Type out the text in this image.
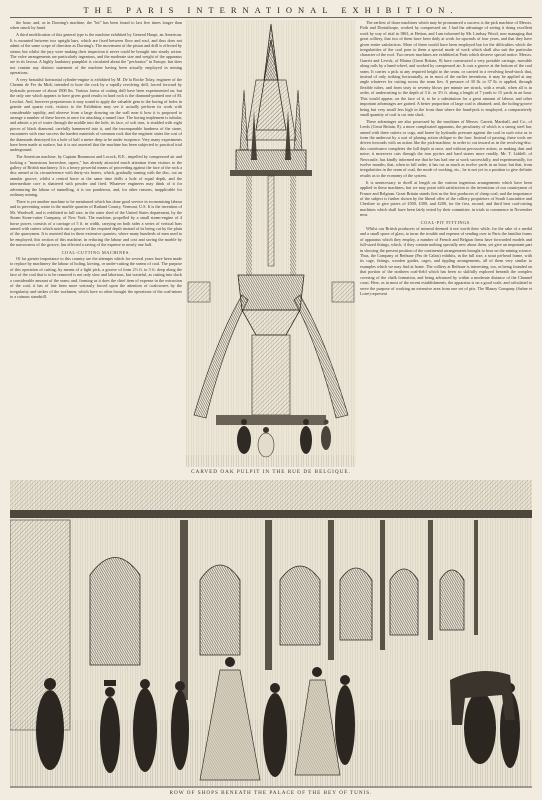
THE PARIS INTERNATIONAL EXHIBITION.

the hour; and, as in Dorning's machine, the "bit" has been found to last five times longer than when struck by hand.

A third modification of this general type is the machine exhibited by General Haupt, an American. It is mounted between two upright bars, which are fixed between floor and roof, and thus does not admit of the same scope of direction as Dorning's. The movement of the piston and drill is effected by steam; but whilst the jury were making their inspection it never could be brought into steady action. The valve arrangements are particularly ingenious, and the moderate size and weight of the apparatus are in its favour. A highly laudatory pamphlet is circulated about the "perforator" in Europe, but does not contain any distinct statement of the machine having been actually employed in mining operations.

A very beautiful horizontal cylinder-engine is exhibited by M. De la Roche Tolay, engineer of the Chemin de Fer du Midi, intended to bore the rock by a rapidly revolving drill, forced forward by hydraulic pressure of about 1800 lbs. Various forms of cutting drill have been experimented on, but the only one which appears to have given good results in hard rock is the diamond-pointed one of M. Leschot. And, however preposterous it may sound to apply the valuable gem to the boring of holes in granite and quartz rock, visitors to the Exhibition may see it actually perform its work with considerable rapidity, and observe from a large drawing on the wall near it how it is proposed to arrange a number of these borers at once for attacking a tunnel face. The boring implement is tubular, and admits a jet of water through the middle into the hole; its face, of soft iron, is studded with eight pieces of black diamond, carefully hammered into it, and the incomparable hardness of the stone, encounters with ease success the hardest materials of common rock that the engineer states the cost of the diamonds destroyed for a hole of half a metre deep to be under twopence. Very many experiments have been made at surface, but it is not asserted that the machine has been subjected to practical trial underground.

The American machine, by Captain Beaumont and Locock, R.E., impelled by compressed air and looking a "monstrous horseshoe, tapers," has already attracted much attention from visitors to the gallery of British machinery. It is a heavy powerful means of proceeding against the face of the rock a disc armed at its circumference with thirty-six borers, which, gradually turning with the disc, cut an annular groove, whilst a central borer at the same time drills a hole of equal depth, and the intermediate core is shattered with powder and fired. Whatever engineers may think of it for adventuring the labour of tunnelling, it is too ponderous, and, for other reasons, inapplicable for ordinary mining.

There is yet another machine to be mentioned which has done good service in economising labour and in preventing waste in the marble quarries of Rutland County, Vermont, U.S. It is the invention of Mr. Wardwell, and is exhibited in full size, in the outer shed of the United States department, by the Steam Stone-cutter Company, of New York. The machine, propelled by a small steam-engine of 4 horse power, consists of a carriage of 5 ft. in width, carrying on both sides a series of vertical bars armed with cutters which notch out a groove of the required depth instead of its being cut by the plain of the quarrymen. It is asserted that in these extensive quarries, where many hundreds of men used to be employed, this section of this machine, in reducing the labour and cost and saving the marble by the narrowness of the groove, has effected a saving of the expense to nearly one half.

COAL-CUTTING MACHINES.

Of far greater importance to this country are the attempts which for several years have been made to replace by machinery the labour of holing, kirving, or under-cutting the seams of coal. The purpose of this operation of cutting, by means of a light pick, a groove of from 2½ ft. to 3 ft. deep along the face of the coal that is to be removed is not only slow and laborious, but wasteful, as cutting into slack a considerable amount of the seam; and, forming as it does the chief item of expense in the extraction of the coal, it has of late been more seriously forced upon the attention of coalowners by the irregularity and strikes of the workmen, which have so often brought the operations of the coal-mines to a ruinous standstill.

CARVED OAK PULPIT IN THE RUE DE BELGIQUE.

The earliest of those machines which may be pronounced a success is the pick machine of Messrs. Firth and Donisthorpe, worked by compressed air. I had the advantage of seeing it doing excellent work by way of trial in 1863, at Hetton; and I am informed by Mr. Lindsay Wood, now managing that great colliery, that two of them have been daily at work for upwards of four years, and that they have given entire satisfaction. More of them would have been employed but for the difficulties which the irregularities of the coal pose to them a special mode of work which shall also suit the particular character of the roof. Two newer machines are exhibited at Paris which deserve special notice. Messrs. Garrett and Levick, of Blaina (Great Britain, 8) have constructed a very portable carriage, movable along rails by a hand-wheel, and worked by compressed air. It cuts a groove at the bottom of the coal seam. It carries a pick at any required height in the seam, or carried in a revolving head-stock that, instead of only striking horizontally, as in most of the earlier inventions, it may be applied at any angle whatever for cutting across the seam lies. A pressure of 30 lb. to 37 lb. is applied, through flexible tubes, and from sixty to seventy blows per minute are struck, with a result, when all is in order, of undercutting to the depth of 3 ft. or 3½ ft. along a length of 7 yards to 15 yards in an hour. This would appear, on the face of it, to be a substitution for a great amount of labour, and other important advantages are gained. A better proportion of large coal is obtained; and, the holing-groove being but very small less high in the front than where the hand-pick is employed, a comparatively small quantity of coal is cut into slack.

These advantages are also possessed by the machines of Messrs. Carrett, Marshall, and Co., of Leeds (Great Britain, 8), a more complicated apparatus, the peculiarity of which is a strong steel bar, armed with three cutters or cogs, and borne by hydraulic pressure against the coal in such wise as to form the undercut by a sort of planing action oblique to the face. Instead of passing, these tools are driven forwards with an action like the pick-machine, in order to cut inward as in the revolving-disc. this contrivance completes the full depth at once, and without percussive action, or making dust and noise; it moreover cuts through the iron pyrites and hard stones more readily. Mr. T. Liddell, of Newcastle, has kindly informed me that he has had one at work successfully, and experimentally, for twelve months; that, when in full order, it has cut as much as twelve yards in an hour; but that, from irregularities in the seam of coal, the mode of working, etc., he is not yet in a position to give definite results as to the economy of the system.

It is unnecessary to dwell at length on the various ingenious arrangements which have been applied to these machines, but we may point with satisfaction to the inventions of our countrymen of France and Belgium. Great Britain stands first as the first producers of cheap coal; and the importance of the subject is further shown by the liberal offer of the colliery proprietors of South Lancashire and Cheshire to give prizes of £500, £300, and £200, for the first, second, and third best coal-cutting machines which shall have been fairly tested by their committee, in trials to commence in November next.

COAL-PIT FITTINGS.

Whilst our British producers of mineral deemed it not worth their while, for the sake of a medal and a small space of glass, to incur the trouble and expense of sending over to Paris the familiar forms of apparatus which they employ, a number of French and Belgian firms have forwarded models and full-sized fittings, which, if they contain nothing specially new about them, yet give an important part in showing the present position of the continental arrangements brought to bear on the mining science. Thus, the Company of Bethune (Pas de Calais) exhibits, in the full size, a stout pit-head frame, with its cage, fittings, wooden guides, cages, and tippling arrangements, all of them very similar to examples which we may find at home. The colliery at Bethune is interesting, too, as being founded on that portion of the northern coal-field which has been so skilfully explored beneath the complex covering of the chalk formation, and being advanced by within a moderate distance of the Channel coast. Here, as in most of the recent establishments, the apparatus is on a good scale, and calculated to serve the purpose of working an extensive area from one set of pits. The Blanzy Company (Saône et Loire) represent

ROW OF SHOPS BENEATH THE PALACE OF THE BEY OF TUNIS.
